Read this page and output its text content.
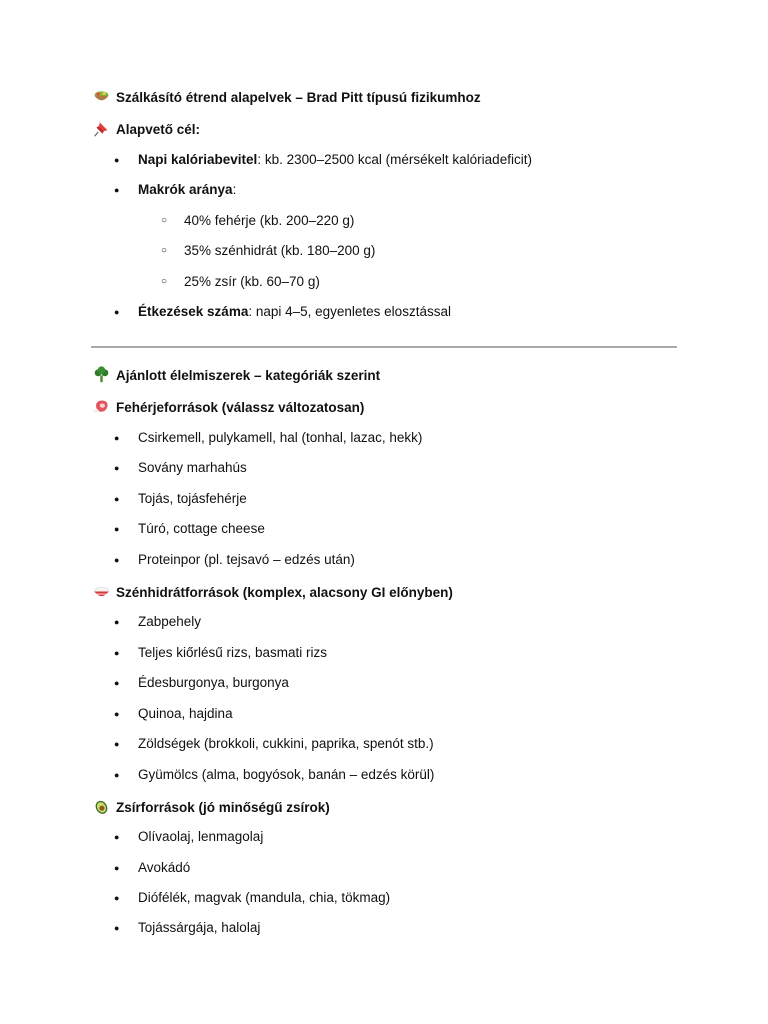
Szálkásító étrend alapelvek – Brad Pitt típusú fizikumhoz
Alapvető cél:
● Napi kalóriabevitel: kb. 2300–2500 kcal (mérsékelt kalóriadeficit)
● Makrók aránya:
○ 40% fehérje (kb. 200–220 g)
○ 35% szénhidrát (kb. 180–200 g)
○ 25% zsír (kb. 60–70 g)
● Étkezések száma: napi 4–5, egyenletes elosztással
Ajánlott élelmiszerek – kategóriák szerint
Fehérjeforrások (válassz változatosan)
● Csirkemell, pulykamell, hal (tonhal, lazac, hekk)
● Sovány marhahús
● Tojás, tojásfehérje
● Túró, cottage cheese
● Proteinpor (pl. tejsavó – edzés után)
Szénhidrátforrások (komplex, alacsony GI előnyben)
● Zabpehely
● Teljes kiőrlésű rizs, basmati rizs
● Édesburgonya, burgonya
● Quinoa, hajdina
● Zöldségek (brokkoli, cukkini, paprika, spenót stb.)
● Gyümölcs (alma, bogyósok, banán – edzés körül)
Zsírforrások (jó minőségű zsírok)
● Olívaolaj, lenmagolaj
● Avokádó
● Diófélék, magvak (mandula, chia, tökmag)
● Tojássárgája, halolaj
